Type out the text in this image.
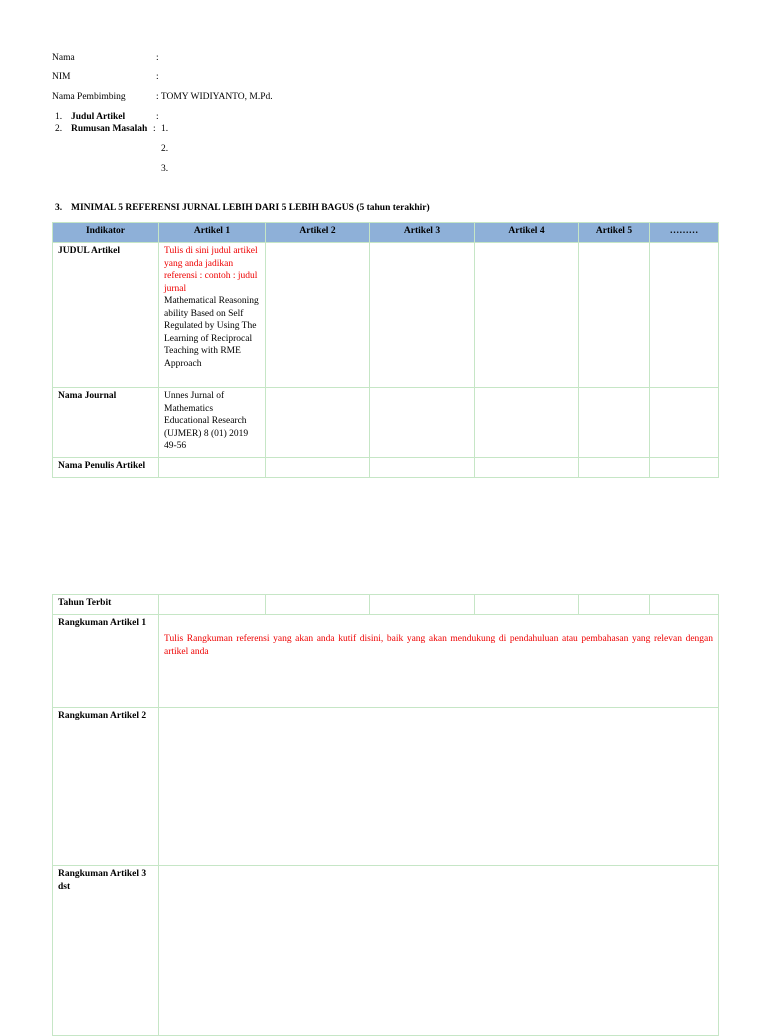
Nama	:
NIM	:
Nama Pembimbing	: TOMY WIDIYANTO, M.Pd.
1. Judul Artikel	:
2. Rumusan Masalah : 1.
2.
3.
3. MINIMAL 5 REFERENSI JURNAL LEBIH DARI 5 LEBIH BAGUS (5 tahun terakhir)
Indikator	Artikel 1	Artikel 2	Artikel 3	Artikel 4	Artikel 5	………
JUDUL Artikel	Tulis di sini judul artikel yang anda jadikan referensi : contoh : judul jurnal
Mathematical Reasoning ability Based on Self Regulated by Using The Learning of Reciprocal Teaching with RME Approach					

Nama Journal	Unnes Jurnal of Mathematics Educational Research (UJMER) 8 (01) 2019 49-56					
Nama Penulis Artikel						
Tahun Terbit						
Rangkuman Artikel 1	Tulis Rangkuman referensi yang akan anda kutif disini, baik yang akan mendukung di pendahuluan atau pembahasan yang relevan dengan artikel anda					
Rangkuman Artikel 2						
Rangkuman Artikel 3 dst						
